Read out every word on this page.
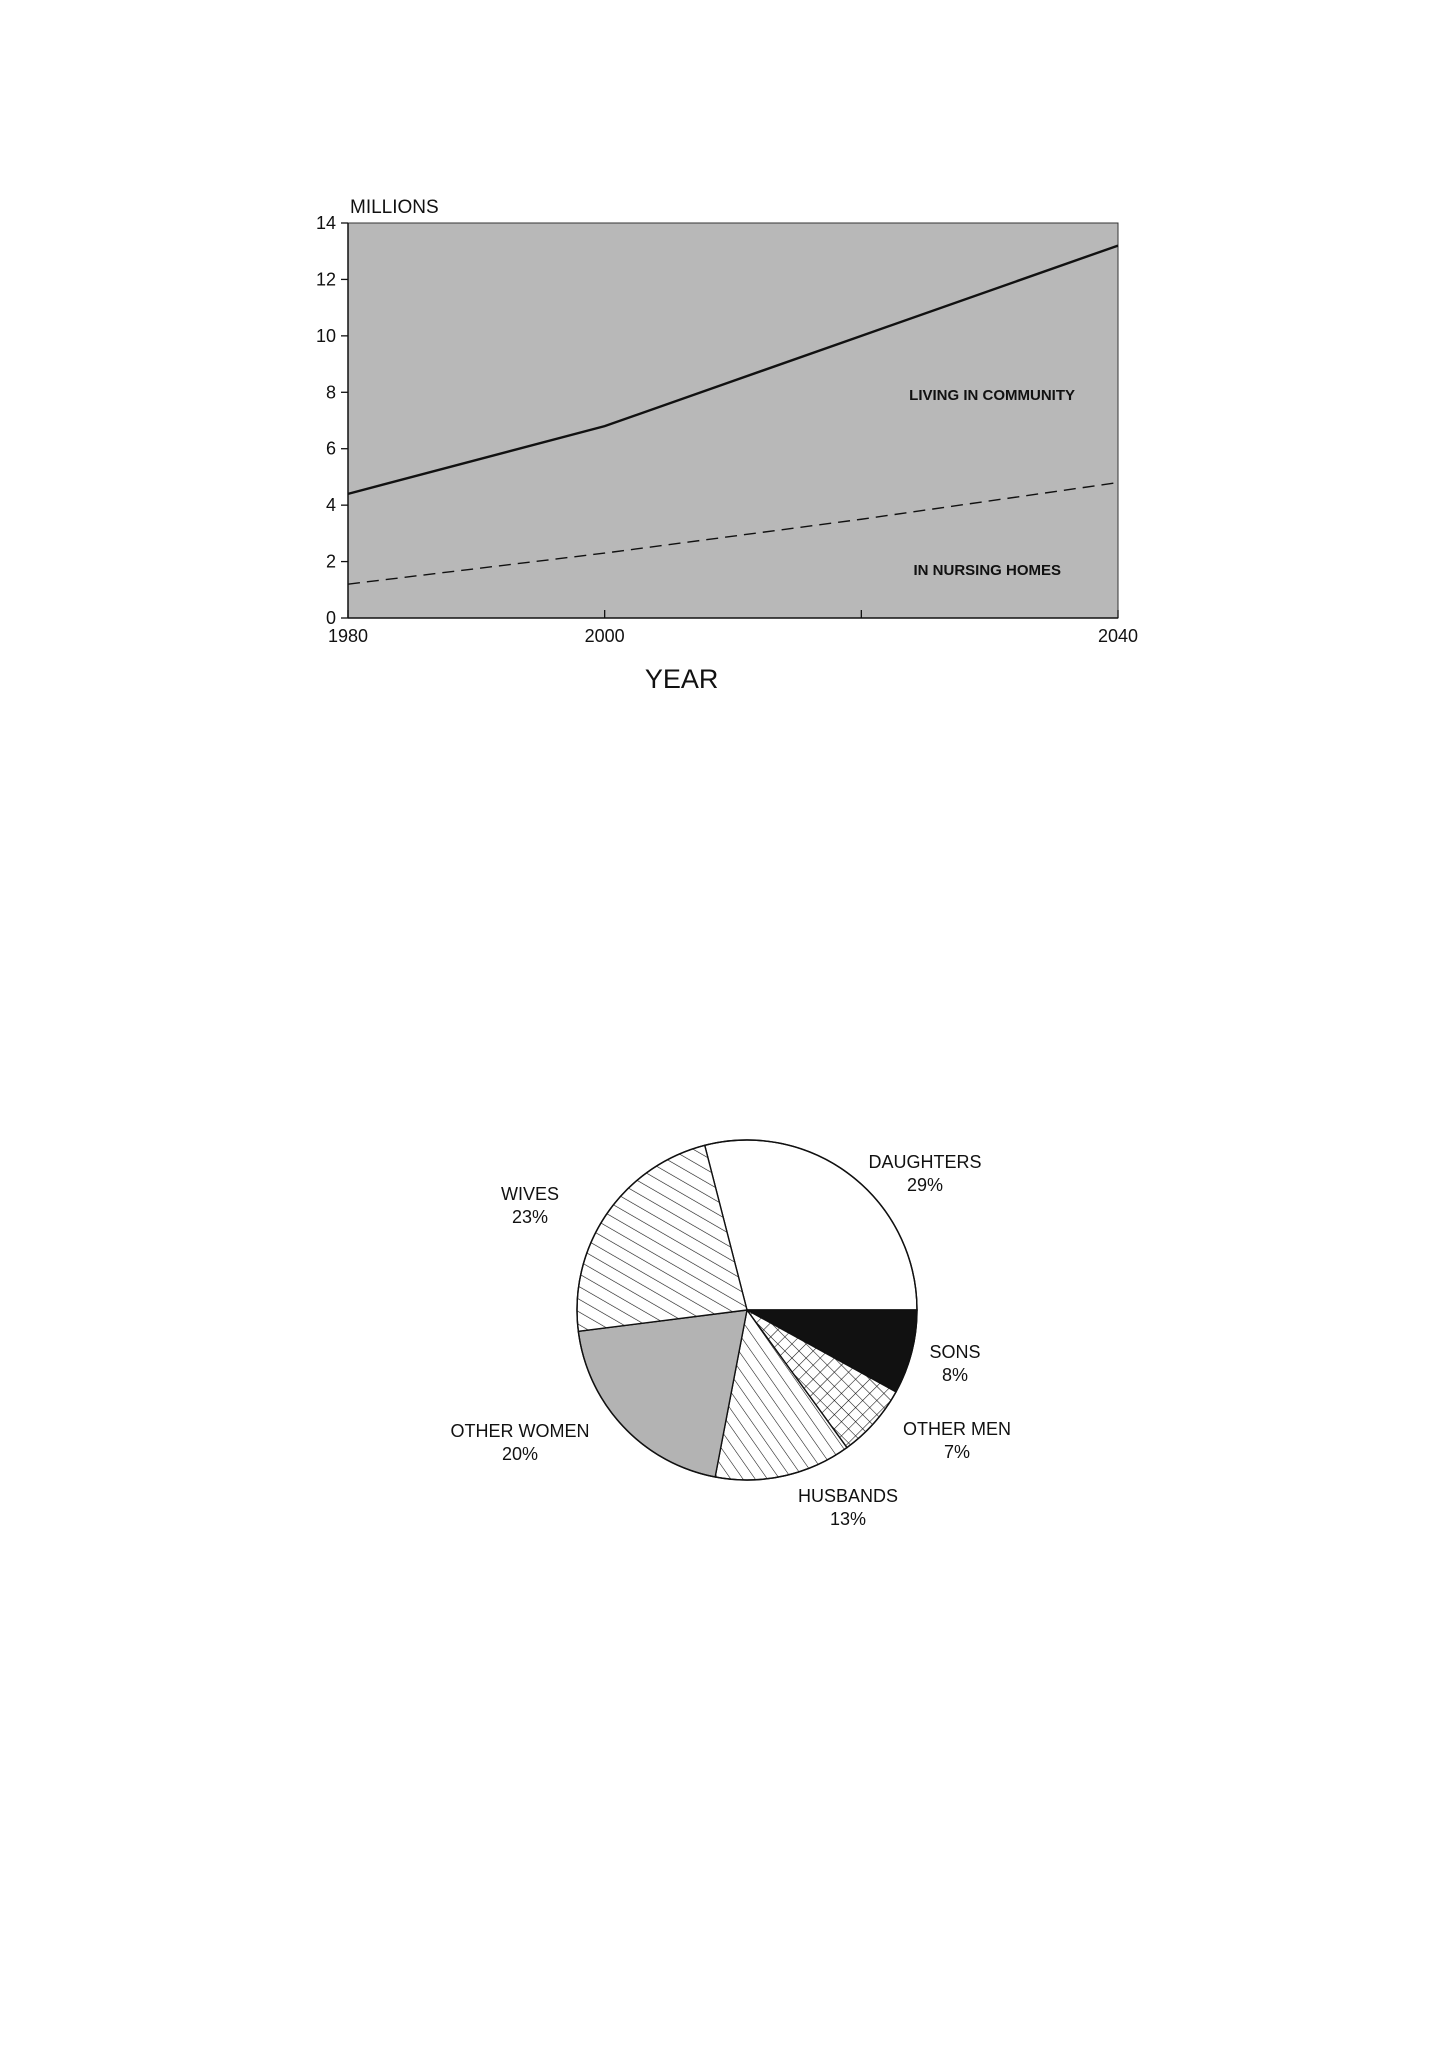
0
2
4
6
8
10
12
14
1980	2000	2040
MILLIONS
YEAR
LIVING IN COMMUNITY
IN NURSING HOMES
DAUGHTERS
29%
SONS
8%
OTHER MEN
7%
HUSBANDS
13%
OTHER WOMEN
20%
WIVES
23%
